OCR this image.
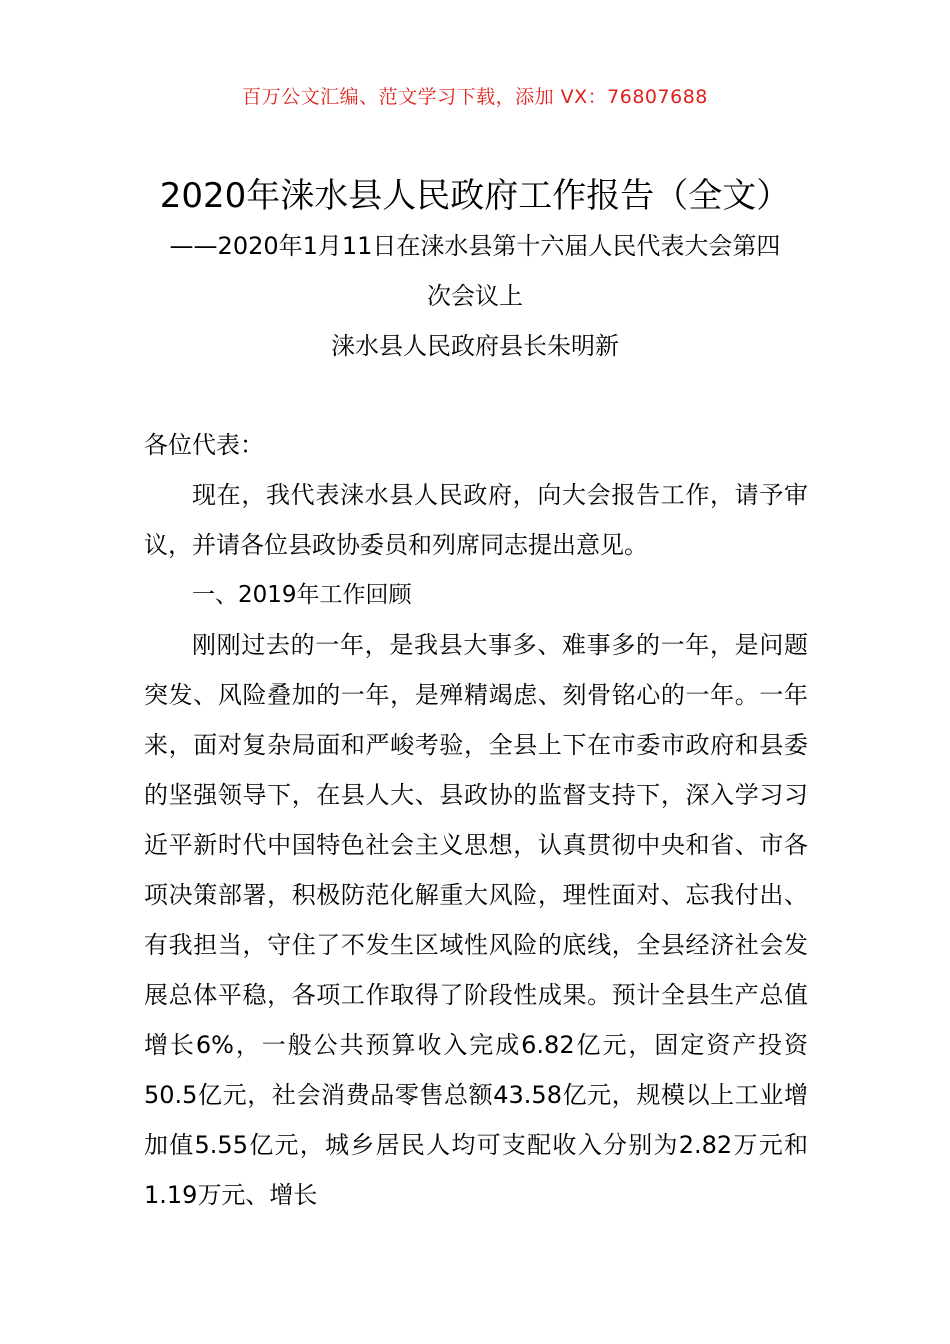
百万公文汇编、范文学习下载，添加 VX：76807688
2020年涞水县人民政府工作报告（全文）
——2020年1月11日在涞水县第十六届人民代表大会第四
次会议上
涞水县人民政府县长朱明新

各位代表：

现在，我代表涞水县人民政府，向大会报告工作，请予审议，并请各位县政协委员和列席同志提出意见。

一、2019年工作回顾

刚刚过去的一年，是我县大事多、难事多的一年，是问题突发、风险叠加的一年，是殚精竭虑、刻骨铭心的一年。一年来，面对复杂局面和严峻考验，全县上下在市委市政府和县委的坚强领导下，在县人大、县政协的监督支持下，深入学习习近平新时代中国特色社会主义思想，认真贯彻中央和省、市各项决策部署，积极防范化解重大风险，理性面对、忘我付出、有我担当，守住了不发生区域性风险的底线，全县经济社会发展总体平稳，各项工作取得了阶段性成果。预计全县生产总值增长6%，一般公共预算收入完成6.82亿元，固定资产投资50.5亿元，社会消费品零售总额43.58亿元，规模以上工业增加值5.55亿元，城乡居民人均可支配收入分别为2.82万元和1.19万元、增长
